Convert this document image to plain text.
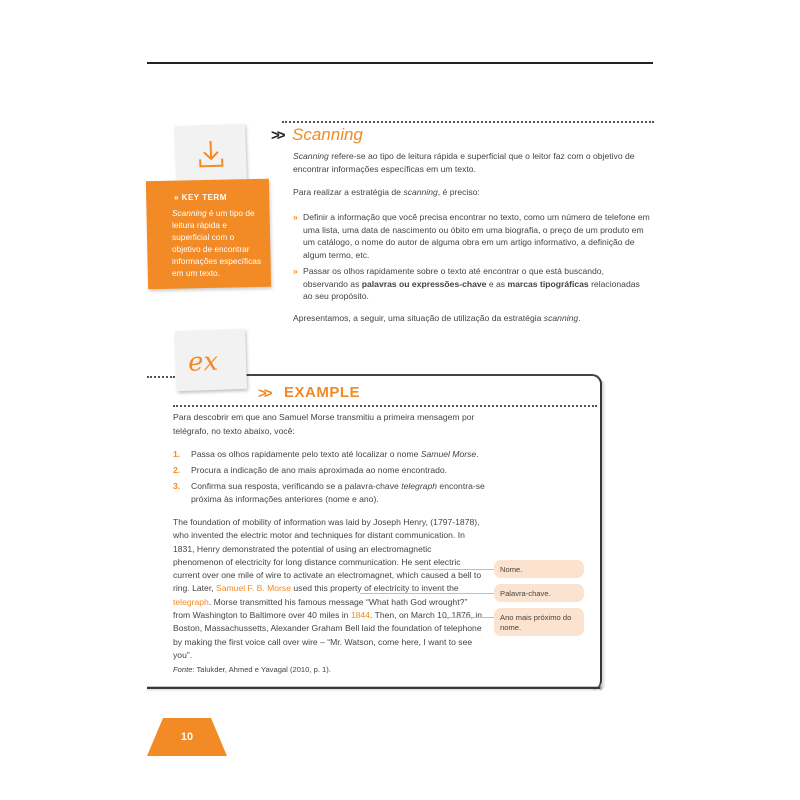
» KEY TERM
Scanning é um tipo de leitura rápida e superficial com o objetivo de encontrar informações específicas em um texto.
>> Scanning
Scanning refere-se ao tipo de leitura rápida e superficial que o leitor faz com o objetivo de encontrar informações específicas em um texto.
Para realizar a estratégia de scanning, é preciso:
» Definir a informação que você precisa encontrar no texto, como um número de telefone em uma lista, uma data de nascimento ou óbito em uma biografia, o preço de um produto em um catálogo, o nome do autor de alguma obra em um artigo informativo, a definição de algum termo, etc.
» Passar os olhos rapidamente sobre o texto até encontrar o que está buscando, observando as palavras ou expressões-chave e as marcas tipográficas relacionadas ao seu propósito.
Apresentamos, a seguir, uma situação de utilização da estratégia scanning.
ex
>> EXAMPLE
Para descobrir em que ano Samuel Morse transmitiu a primeira mensagem por telégrafo, no texto abaixo, você:
1. Passa os olhos rapidamente pelo texto até localizar o nome Samuel Morse.
2. Procura a indicação de ano mais aproximada ao nome encontrado.
3. Confirma sua resposta, verificando se a palavra-chave telegraph encontra-se próxima às informações anteriores (nome e ano).
The foundation of mobility of information was laid by Joseph Henry, (1797-1878), who invented the electric motor and techniques for distant communication. In 1831, Henry demonstrated the potential of using an electromagnetic phenomenon of electricity for long distance communication. He sent electric current over one mile of wire to activate an electromagnet, which caused a bell to ring. Later, Samuel F. B. Morse used this property of electricity to invent the telegraph. Morse transmitted his famous message “What hath God wrought?” from Washington to Baltimore over 40 miles in 1844. Then, on March 10, 1876, in Boston, Massachussetts, Alexander Graham Bell laid the foundation of telephone by making the first voice call over wire – “Mr. Watson, come here, I want to see you”.
Fonte: Talukder, Ahmed e Yavagal (2010, p. 1).
Nome.
Palavra-chave.
Ano mais próximo do nome.
10
